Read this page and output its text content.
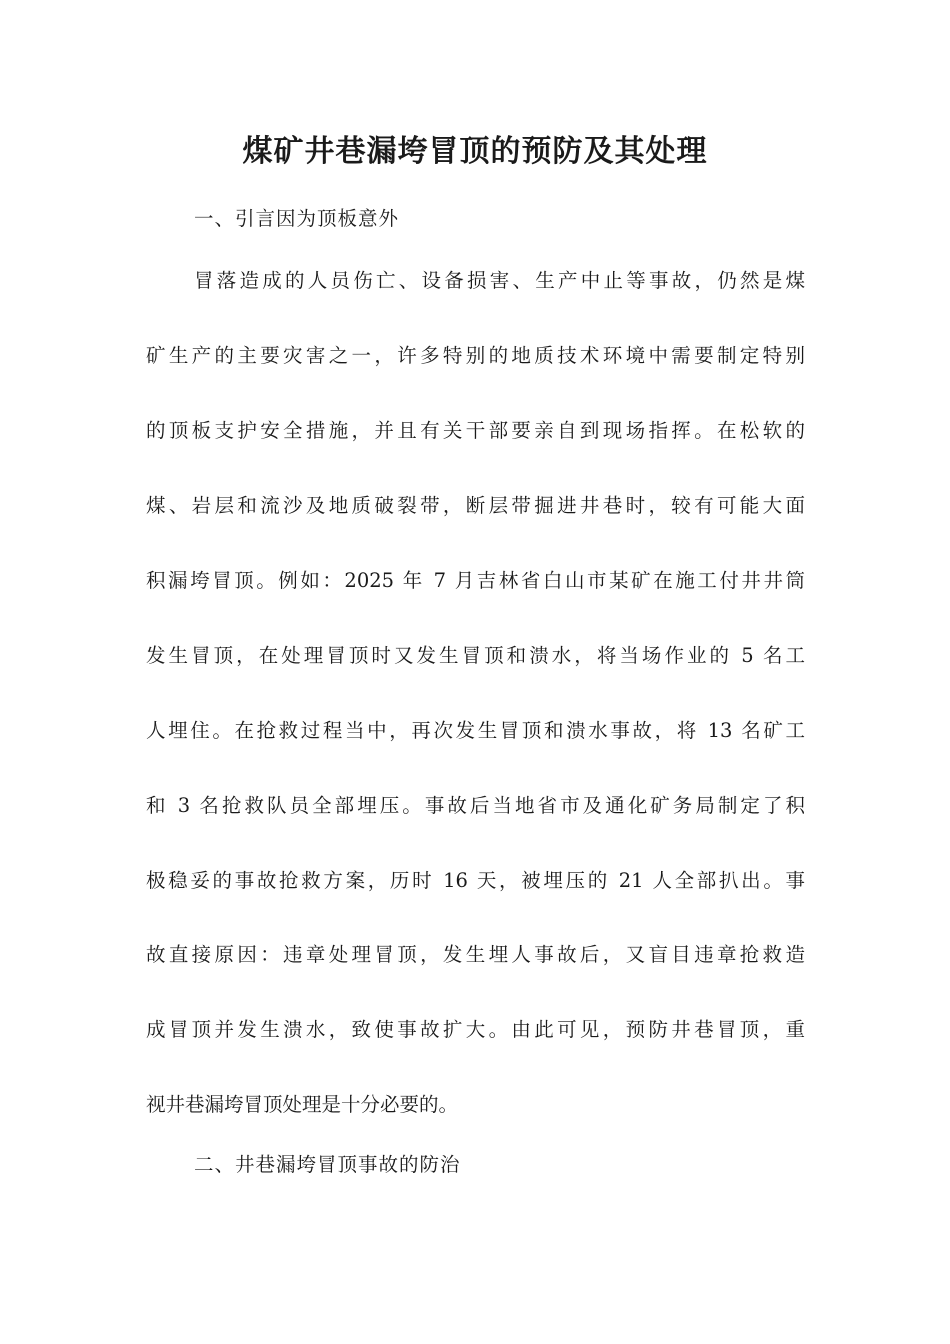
煤矿井巷漏垮冒顶的预防及其处理
一、引言因为顶板意外
冒落造成的人员伤亡、设备损害、生产中止等事故，仍然是煤
矿生产的主要灾害之一，许多特别的地质技术环境中需要制定特别
的顶板支护安全措施，并且有关干部要亲自到现场指挥。在松软的
煤、岩层和流沙及地质破裂带，断层带掘进井巷时，较有可能大面
积漏垮冒顶。例如：2025 年 7 月吉林省白山市某矿在施工付井井筒
发生冒顶，在处理冒顶时又发生冒顶和溃水，将当场作业的 5 名工
人埋住。在抢救过程当中，再次发生冒顶和溃水事故，将 13 名矿工
和 3 名抢救队员全部埋压。事故后当地省市及通化矿务局制定了积
极稳妥的事故抢救方案，历时 16 天，被埋压的 21 人全部扒出。事
故直接原因：违章处理冒顶，发生埋人事故后，又盲目违章抢救造
成冒顶并发生溃水，致使事故扩大。由此可见，预防井巷冒顶，重
视井巷漏垮冒顶处理是十分必要的。
二、井巷漏垮冒顶事故的防治
